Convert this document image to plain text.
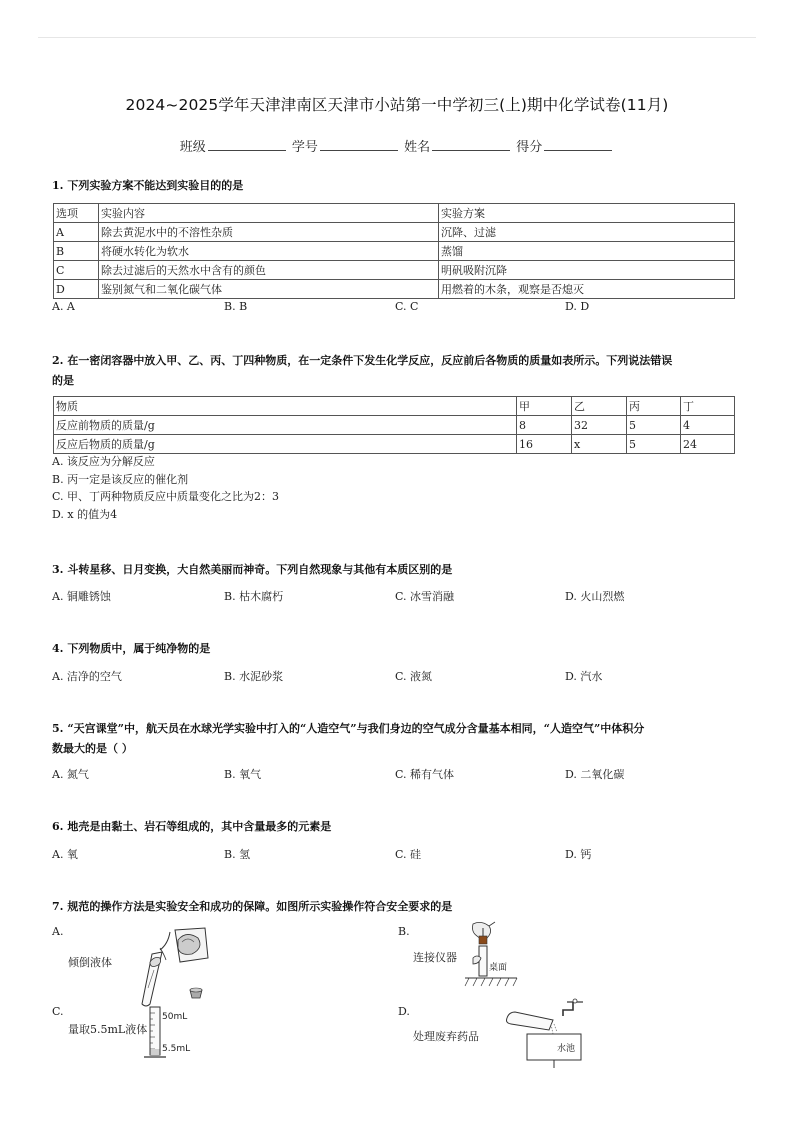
2024~2025学年天津津南区天津市小站第一中学初三(上)期中化学试卷(11月)
班级	学号	姓名	得分
1. 下列实验方案不能达到实验目的的是
选项	实验内容	实验方案
A	除去黄泥水中的不溶性杂质	沉降、过滤
B	将硬水转化为软水	蒸馏
C	除去过滤后的天然水中含有的颜色	明矾吸附沉降
D	鉴别氮气和二氧化碳气体	用燃着的木条，观察是否熄灭
A. A	B. B	C. C	D. D
2. 在一密闭容器中放入甲、乙、丙、丁四种物质，在一定条件下发生化学反应，反应前后各物质的质量如表所示。下列说法错误
的是
物质	甲	乙	丙	丁
反应前物质的质量/g	8	32	5	4
反应后物质的质量/g	16	x	5	24
A. 该反应为分解反应
B. 丙一定是该反应的催化剂
C. 甲、丁两种物质反应中质量变化之比为2：3
D. x 的值为4
3. 斗转星移、日月变换，大自然美丽而神奇。下列自然现象与其他有本质区别的是
A. 铜雕锈蚀	B. 枯木腐朽	C. 冰雪消融	D. 火山烈燃
4. 下列物质中，属于纯净物的是
A. 洁净的空气	B. 水泥砂浆	C. 液氮	D. 汽水
5. “天宫课堂”中，航天员在水球光学实验中打入的“人造空气”与我们身边的空气成分含量基本相同，“人造空气”中体积分
数最大的是（ ）
A. 氮气	B. 氧气	C. 稀有气体	D. 二氧化碳
6. 地壳是由黏土、岩石等组成的，其中含量最多的元素是
A. 氧	B. 氢	C. 硅	D. 钙
7. 规范的操作方法是实验安全和成功的保障。如图所示实验操作符合安全要求的是
A.
倾倒液体
B.
连接仪器
桌面
C.
量取5.5mL液体
50mL
5.5mL
D.
处理废弃药品
水池
